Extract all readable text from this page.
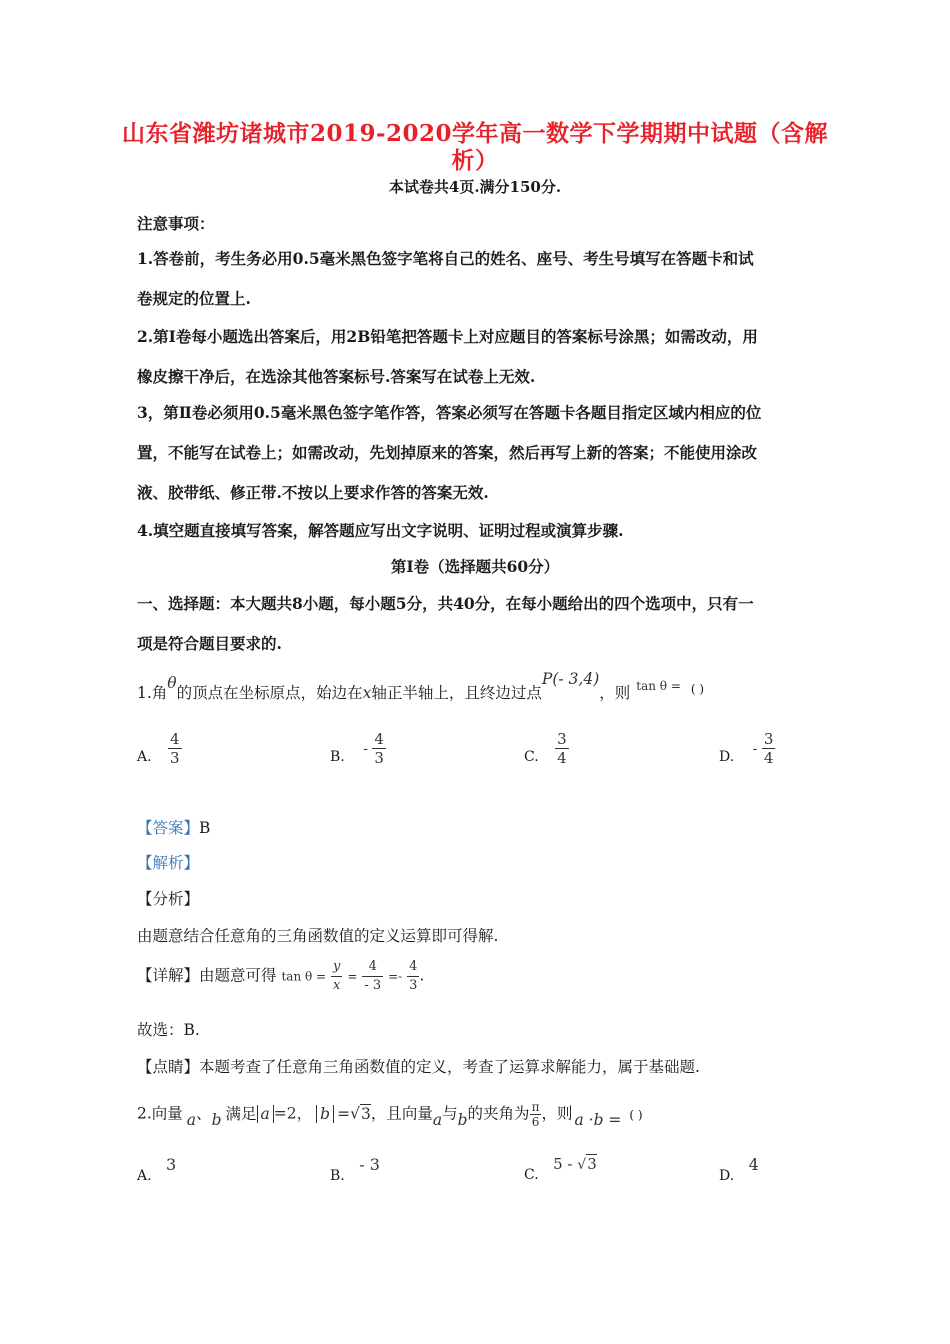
山东省潍坊诸城市2019-2020学年高一数学下学期期中试题（含解
析）
本试卷共4页.满分150分.
注意事项：
1.答卷前，考生务必用0.5毫米黑色签字笔将自己的姓名、座号、考生号填写在答题卡和试
卷规定的位置上.
2.第Ⅰ卷每小题选出答案后，用2B铅笔把答题卡上对应题目的答案标号涂黑；如需改动，用
橡皮擦干净后，在选涂其他答案标号.答案写在试卷上无效.
3，第Ⅱ卷必须用0.5毫米黑色签字笔作答，答案必须写在答题卡各题目指定区域内相应的位
置，不能写在试卷上；如需改动，先划掉原来的答案，然后再写上新的答案；不能使用涂改
液、胶带纸、修正带.不按以上要求作答的答案无效.
4.填空题直接填写答案，解答题应写出文字说明、证明过程或演算步骤.
第Ⅰ卷（选择题共60分）
一、选择题：本大题共8小题，每小题5分，共40分，在每小题给出的四个选项中，只有一
项是符合题目要求的.
1.角θ的顶点在坐标原点，始边在x轴正半轴上，且终边过点P(- 3,4)，则 $^{tan \theta =}$ ( )
A. $\frac{4}{3}$	B. - $\frac{4}{3}$	C. $\frac{3}{4}$	D. - $\frac{3}{4}$
【答案】B
【解析】
【分析】
由题意结合任意角的三角函数值的定义运算即可得解.
【详解】由题意可得 $\tan \theta = \frac{y}{x} = \frac{4}{- 3} =- \frac{4}{3}$ .
故选：B.
【点睛】本题考查了任意角三角函数值的定义，考查了运算求解能力，属于基础题.
2.向量 a、b 满足 a =2， b =√3，且向量a与b的夹角为 $\frac{\pi}{6}$ ，则 a ·b = ( )
A. 3
B. - 3
C. 5 - √3
D. 4
